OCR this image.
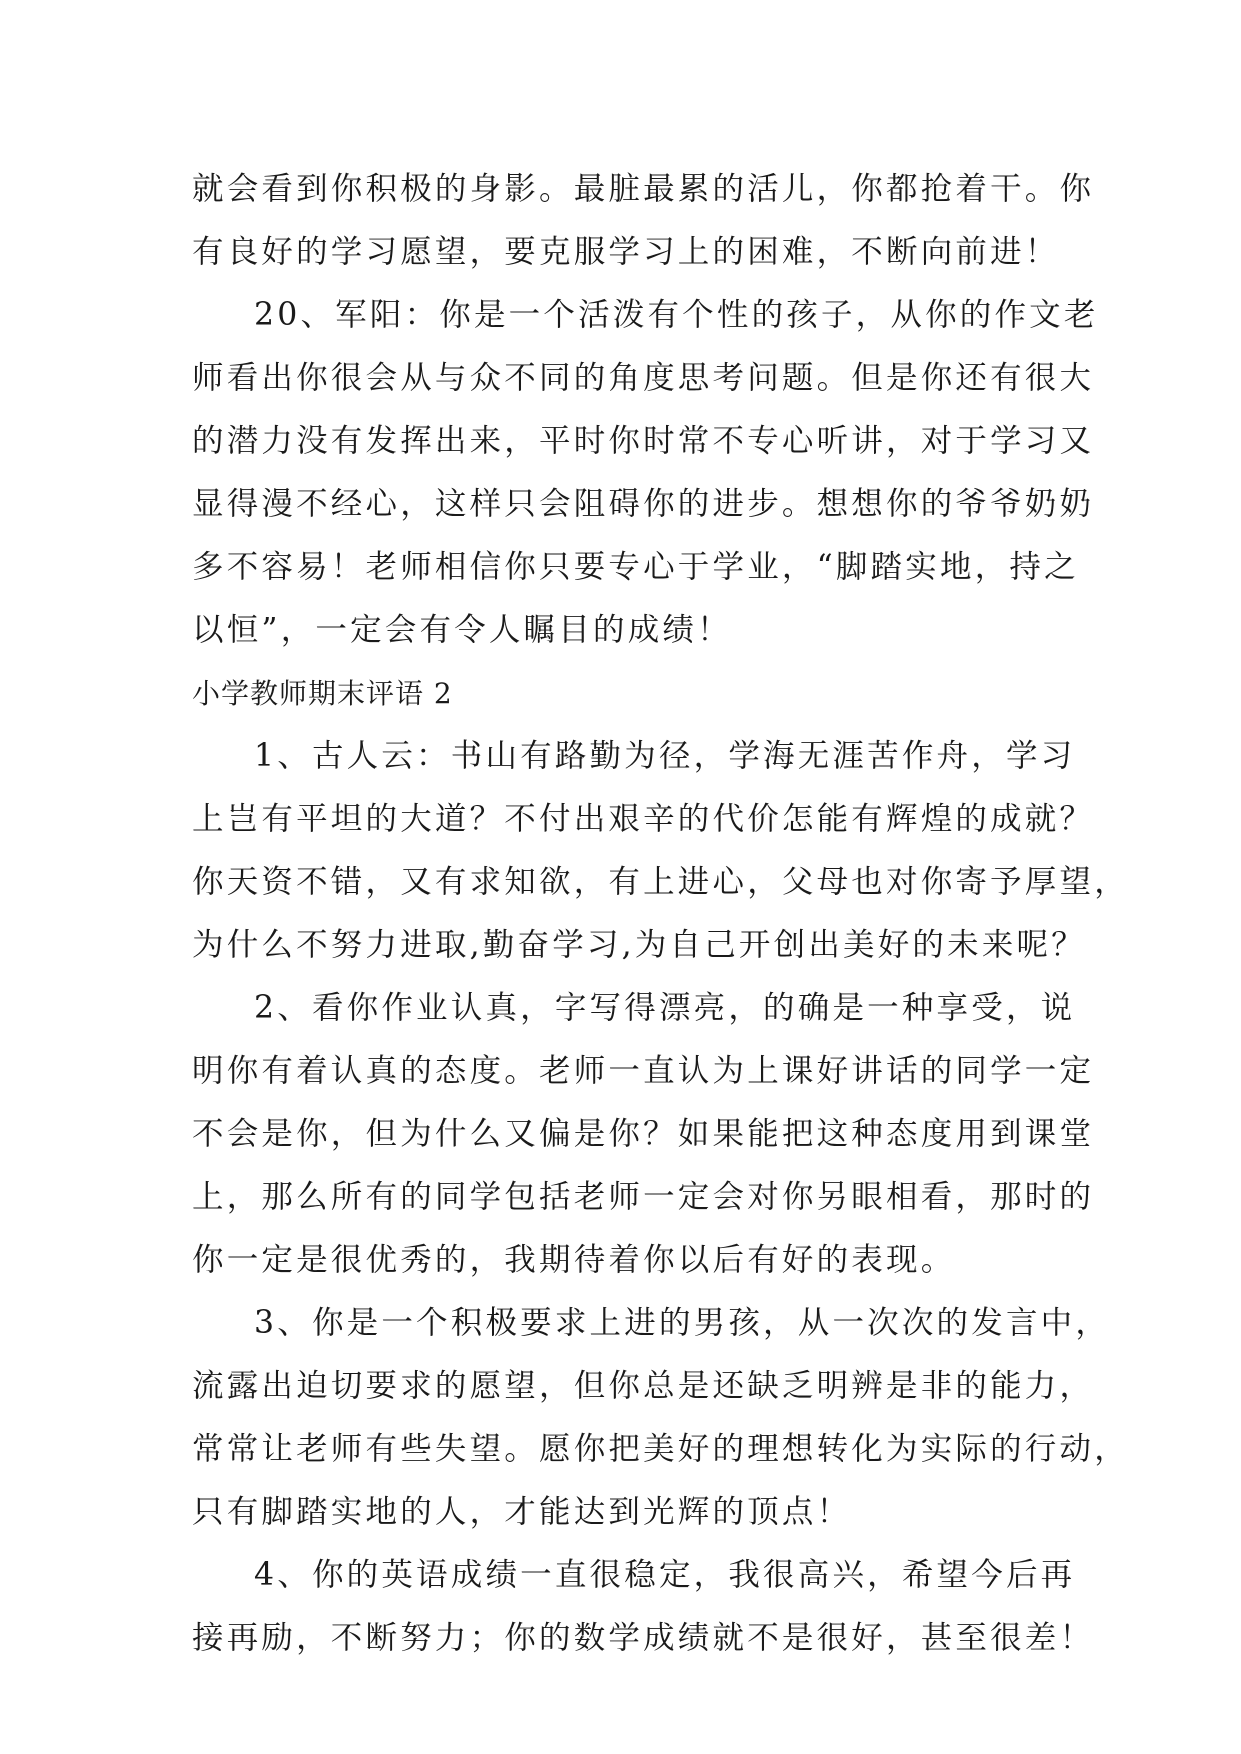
就会看到你积极的身影。最脏最累的活儿，你都抢着干。你
有良好的学习愿望，要克服学习上的困难，不断向前进！
20、军阳：你是一个活泼有个性的孩子，从你的作文老
师看出你很会从与众不同的角度思考问题。但是你还有很大
的潜力没有发挥出来，平时你时常不专心听讲，对于学习又
显得漫不经心，这样只会阻碍你的进步。想想你的爷爷奶奶
多不容易！老师相信你只要专心于学业，“脚踏实地，持之
以恒”，一定会有令人瞩目的成绩！
小学教师期末评语 2
1、古人云：书山有路勤为径，学海无涯苦作舟，学习
上岂有平坦的大道？不付出艰辛的代价怎能有辉煌的成就？
你天资不错，又有求知欲，有上进心，父母也对你寄予厚望，
为什么不努力进取,勤奋学习,为自己开创出美好的未来呢？
2、看你作业认真，字写得漂亮，的确是一种享受，说
明你有着认真的态度。老师一直认为上课好讲话的同学一定
不会是你，但为什么又偏是你？如果能把这种态度用到课堂
上，那么所有的同学包括老师一定会对你另眼相看，那时的
你一定是很优秀的，我期待着你以后有好的表现。
3、你是一个积极要求上进的男孩，从一次次的发言中，
流露出迫切要求的愿望，但你总是还缺乏明辨是非的能力，
常常让老师有些失望。愿你把美好的理想转化为实际的行动，
只有脚踏实地的人，才能达到光辉的顶点！
4、你的英语成绩一直很稳定，我很高兴，希望今后再
接再励，不断努力；你的数学成绩就不是很好，甚至很差！
